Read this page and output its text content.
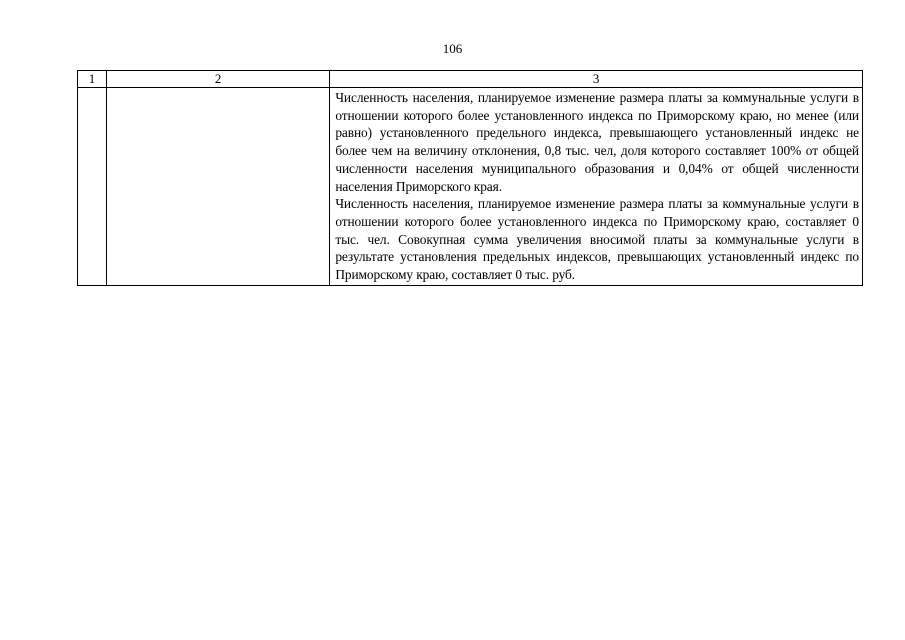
106
1	2	3

		Численность населения, планируемое изменение размера платы за коммунальные услуги в отношении которого более установленного индекса по Приморскому краю, но менее (или равно) установленного предельного индекса, превышающего установленный индекс не более чем на величину отклонения, 0,8 тыс. чел, доля которого составляет 100% от общей численности населения муниципального образования и 0,04% от общей численности населения Приморского края.

Численность населения, планируемое изменение размера платы за коммунальные услуги в отношении которого более установленного индекса по Приморскому краю, составляет 0 тыс. чел. Совокупная сумма увеличения вносимой платы за коммунальные услуги в результате установления предельных индексов, превышающих установленный индекс по Приморскому краю, составляет 0 тыс. руб.
